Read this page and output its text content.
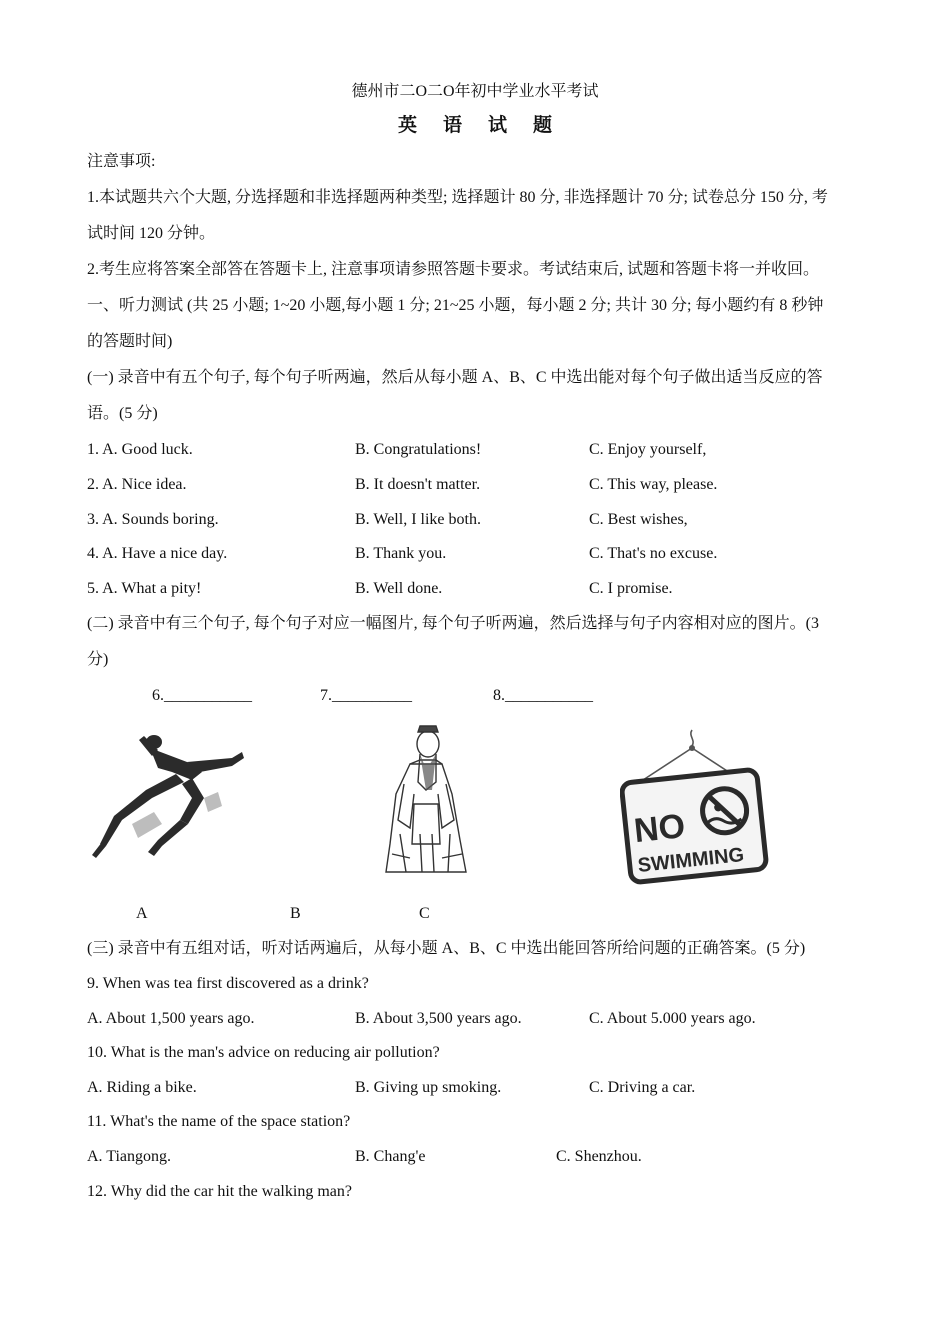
德州市二O二O年初中学业水平考试
英语试题
注意事项:
1.本试题共六个大题, 分选择题和非选择题两种类型; 选择题计 80 分, 非选择题计 70 分; 试卷总分 150 分, 考
试时间 120 分钟。
2.考生应将答案全部答在答题卡上, 注意事项请参照答题卡要求。考试结束后, 试题和答题卡将一并收回。
一、听力测试 (共 25 小题; 1~20 小题,每小题 1 分; 21~25 小题，每小题 2 分; 共计 30 分; 每小题约有 8 秒钟
的答题时间)
(一) 录音中有五个句子, 每个句子听两遍，然后从每小题 A、B、C 中选出能对每个句子做出适当反应的答
语。(5 分)
1. A. Good luck.	B. Congratulations!	C. Enjoy yourself,
2. A. Nice idea.	B. It doesn't matter.	C. This way, please.
3. A. Sounds boring.	B. Well, I like both.	C. Best wishes,
4. A. Have a nice day.	B. Thank you.	C. That's no excuse.
5. A. What a pity!	B. Well done.	C. I promise.
(二) 录音中有三个句子, 每个句子对应一幅图片, 每个句子听两遍，然后选择与句子内容相对应的图片。(3
分)
6.___________	7.__________	8.___________
NO
SWIMMING
A	B	C
(三) 录音中有五组对话，听对话两遍后，从每小题 A、B、C 中选出能回答所给问题的正确答案。(5 分)
9. When was tea first discovered as a drink?
A. About 1,500 years ago.	B. About 3,500 years ago.	C. About 5.000 years ago.
10. What is the man's advice on reducing air pollution?
A. Riding a bike.	B. Giving up smoking.	C. Driving a car.
11. What's the name of the space station?
A. Tiangong.	B. Chang'e	C. Shenzhou.
12. Why did the car hit the walking man?
